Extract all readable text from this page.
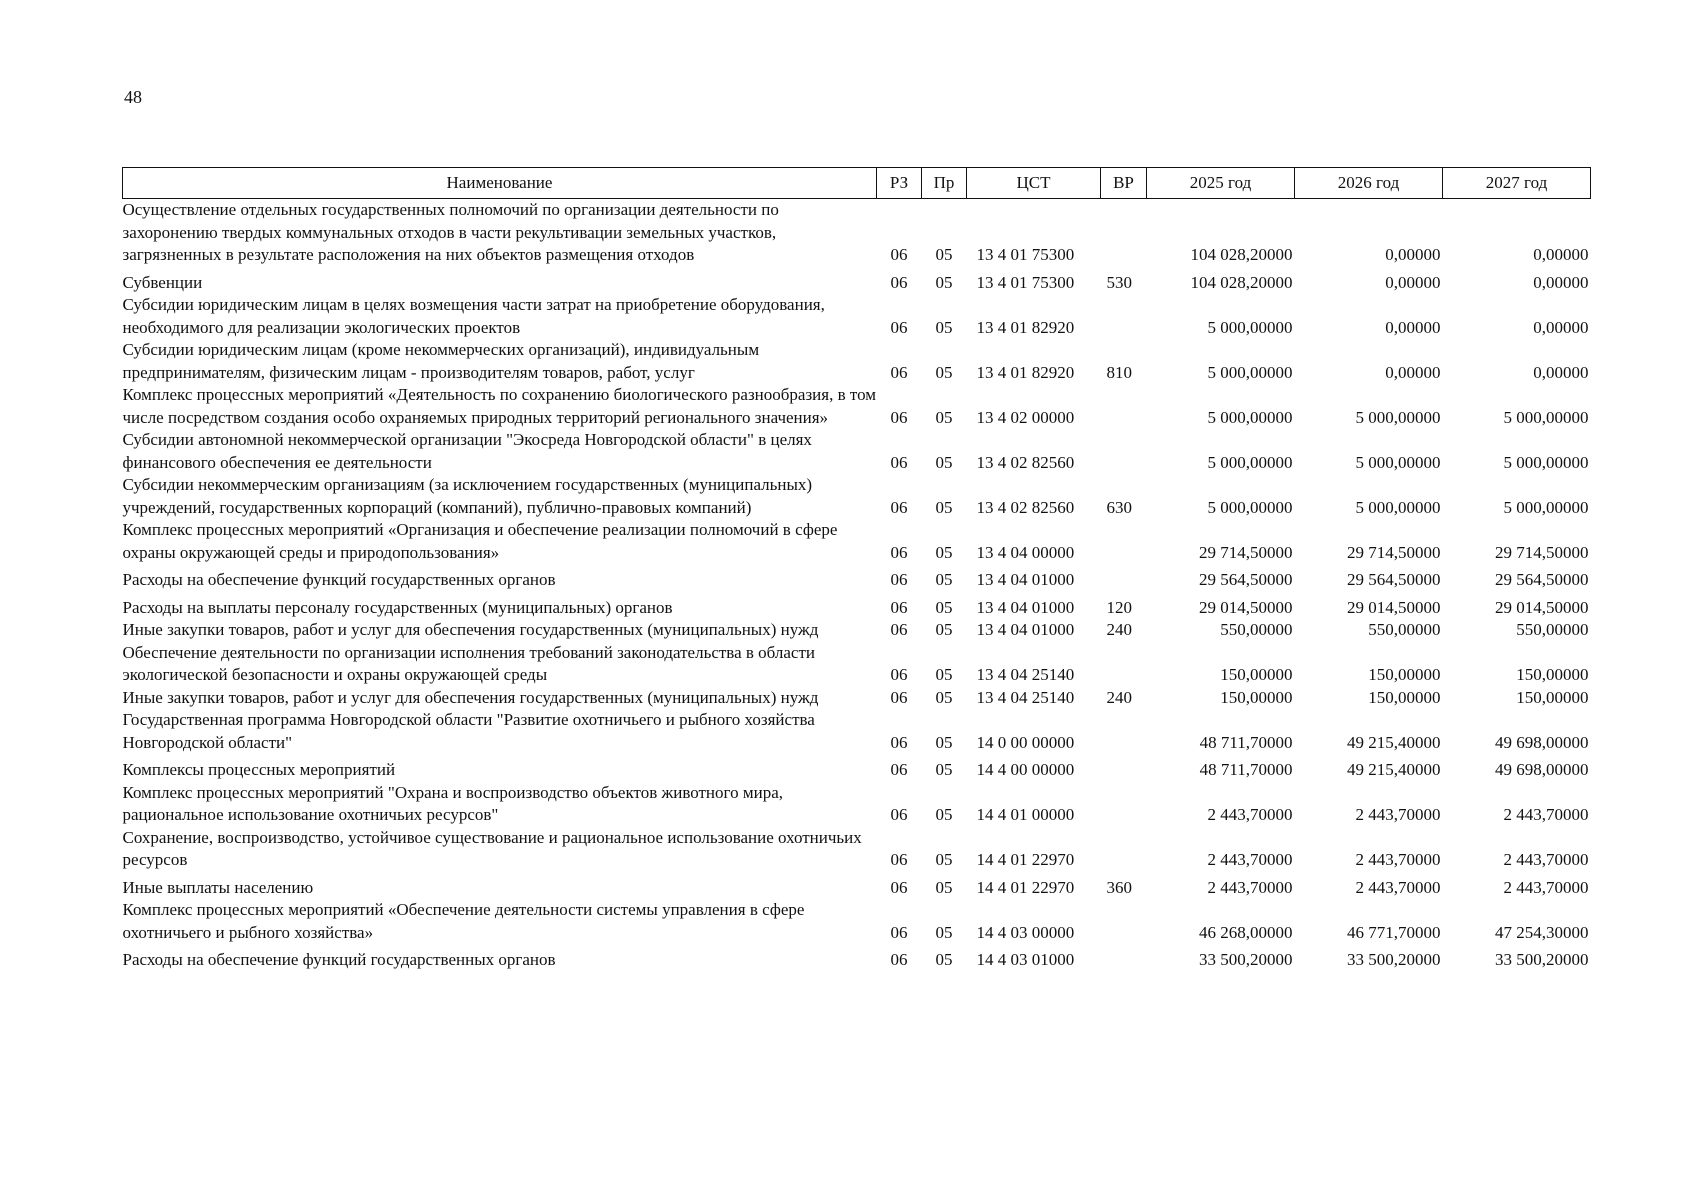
48
Наименование	РЗ	Пр	ЦСТ	ВР	2025 год	2026 год	2027 год
Осуществление отдельных государственных полномочий по организации деятельности по захоронению твердых коммунальных отходов в части рекультивации земельных участков, загрязненных в результате расположения на них объектов размещения отходов	06	05	13 4 01 75300		104 028,20000	0,00000	0,00000
Субвенции	06	05	13 4 01 75300	530	104 028,20000	0,00000	0,00000
Субсидии юридическим лицам в целях возмещения части затрат на приобретение оборудования, необходимого для реализации экологических проектов	06	05	13 4 01 82920		5 000,00000	0,00000	0,00000
Субсидии юридическим лицам (кроме некоммерческих организаций), индивидуальным предпринимателям, физическим лицам - производителям товаров, работ, услуг	06	05	13 4 01 82920	810	5 000,00000	0,00000	0,00000
Комплекс процессных мероприятий «Деятельность по сохранению биологического разнообразия, в том числе посредством создания особо охраняемых природных территорий регионального значения»	06	05	13 4 02 00000		5 000,00000	5 000,00000	5 000,00000
Субсидии автономной некоммерческой организации "Экосреда Новгородской области" в целях финансового обеспечения ее деятельности	06	05	13 4 02 82560		5 000,00000	5 000,00000	5 000,00000
Субсидии некоммерческим организациям (за исключением государственных (муниципальных) учреждений, государственных корпораций (компаний), публично-правовых компаний)	06	05	13 4 02 82560	630	5 000,00000	5 000,00000	5 000,00000
Комплекс процессных мероприятий «Организация и обеспечение реализации полномочий в сфере охраны окружающей среды и природопользования»	06	05	13 4 04 00000		29 714,50000	29 714,50000	29 714,50000
Расходы на обеспечение функций государственных органов	06	05	13 4 04 01000		29 564,50000	29 564,50000	29 564,50000
Расходы на выплаты персоналу государственных (муниципальных) органов	06	05	13 4 04 01000	120	29 014,50000	29 014,50000	29 014,50000
Иные закупки товаров, работ и услуг для обеспечения государственных (муниципальных) нужд	06	05	13 4 04 01000	240	550,00000	550,00000	550,00000
Обеспечение деятельности по организации исполнения требований законодательства в области экологической безопасности и охраны окружающей среды	06	05	13 4 04 25140		150,00000	150,00000	150,00000
Иные закупки товаров, работ и услуг для обеспечения государственных (муниципальных) нужд	06	05	13 4 04 25140	240	150,00000	150,00000	150,00000
Государственная программа Новгородской области "Развитие охотничьего и рыбного хозяйства Новгородской области"	06	05	14 0 00 00000		48 711,70000	49 215,40000	49 698,00000
Комплексы процессных мероприятий	06	05	14 4 00 00000		48 711,70000	49 215,40000	49 698,00000
Комплекс процессных мероприятий "Охрана и воспроизводство объектов животного мира, рациональное использование охотничьих ресурсов"	06	05	14 4 01 00000		2 443,70000	2 443,70000	2 443,70000
Сохранение, воспроизводство, устойчивое существование и рациональное использование охотничьих ресурсов	06	05	14 4 01 22970		2 443,70000	2 443,70000	2 443,70000
Иные выплаты населению	06	05	14 4 01 22970	360	2 443,70000	2 443,70000	2 443,70000
Комплекс процессных мероприятий «Обеспечение деятельности системы управления в сфере охотничьего и рыбного хозяйства»	06	05	14 4 03 00000		46 268,00000	46 771,70000	47 254,30000
Расходы на обеспечение функций государственных органов	06	05	14 4 03 01000		33 500,20000	33 500,20000	33 500,20000
